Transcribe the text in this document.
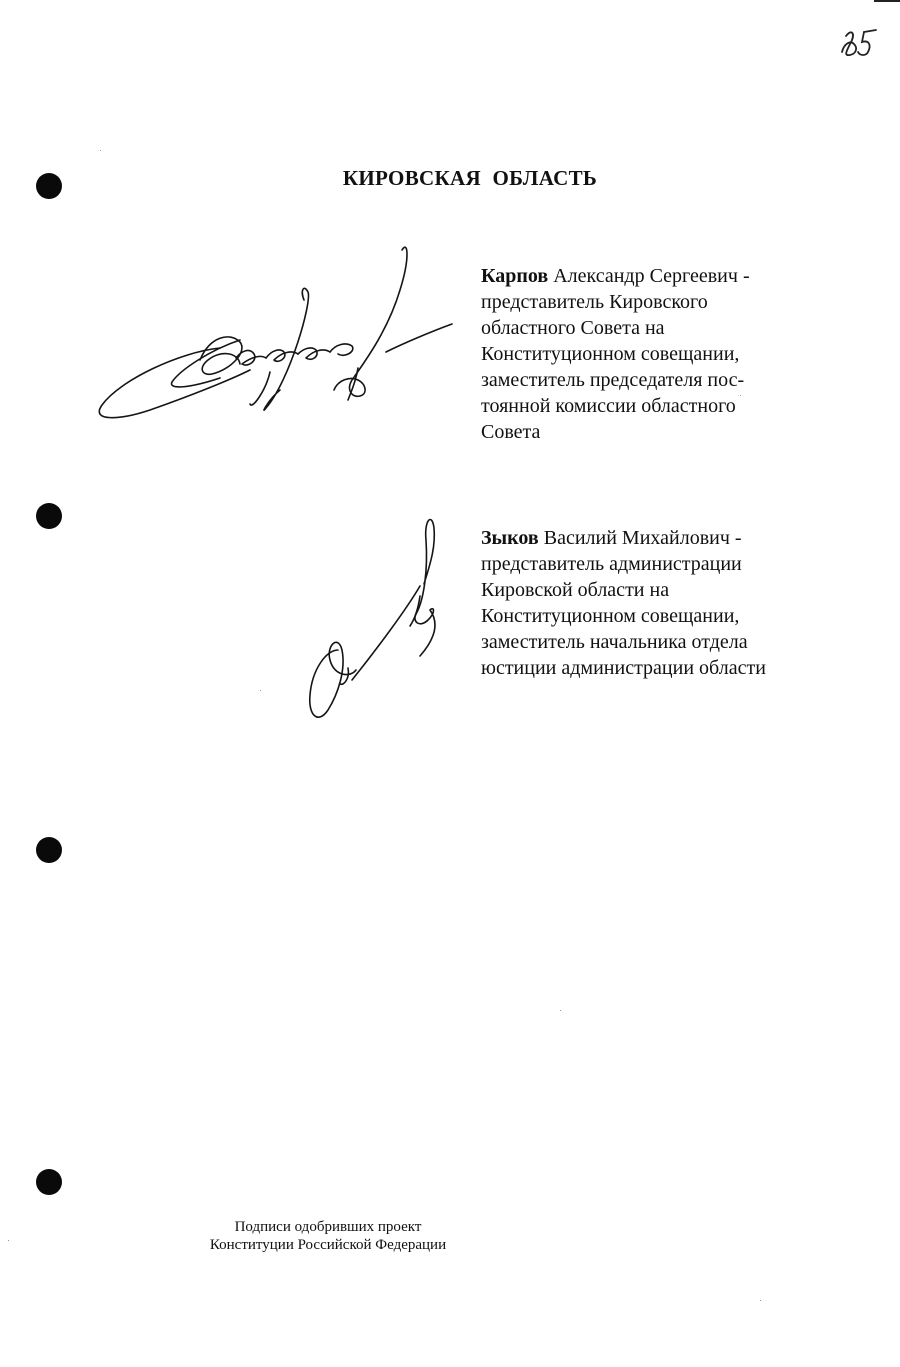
КИРОВСКАЯ ОБЛАСТЬ
Карпов Александр Сергеевич -
представитель Кировского
областного Совета на
Конституционном совещании,
заместитель председателя пос-
тоянной комиссии областного
Совета
Зыков Василий Михайлович -
представитель администрации
Кировской области на
Конституционном совещании,
заместитель начальника отдела
юстиции администрации области
Подписи одобривших проект
Конституции Российской Федерации
